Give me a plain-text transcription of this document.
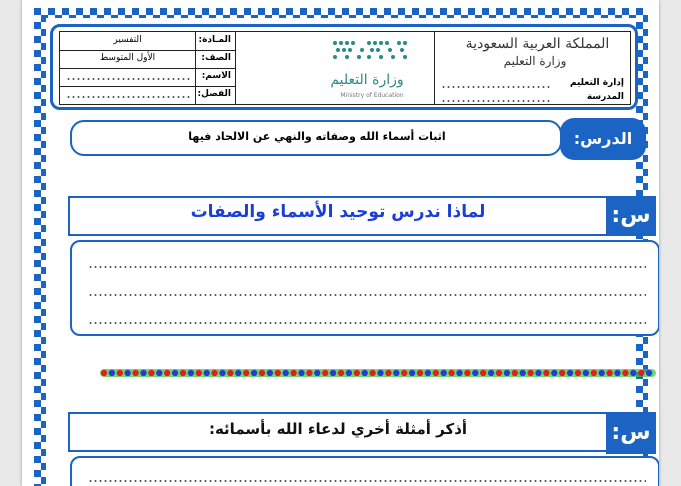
التفسير	المـادة:
الأول المتوسط	الصف:
الاسم:
الفصل:
وزارة التعليم
Ministry of Education
المملكة العربية السعودية
وزارة التعليم
إدارة التعليم
المدرسة
اثبات أسماء الله وصفاته والنهي عن الالحاد فيها	الدرس:
لماذا ندرس توحيد الأسماء والصفات	س:
أذكر أمثلة أخري لدعاء الله بأسمائه:	س:
